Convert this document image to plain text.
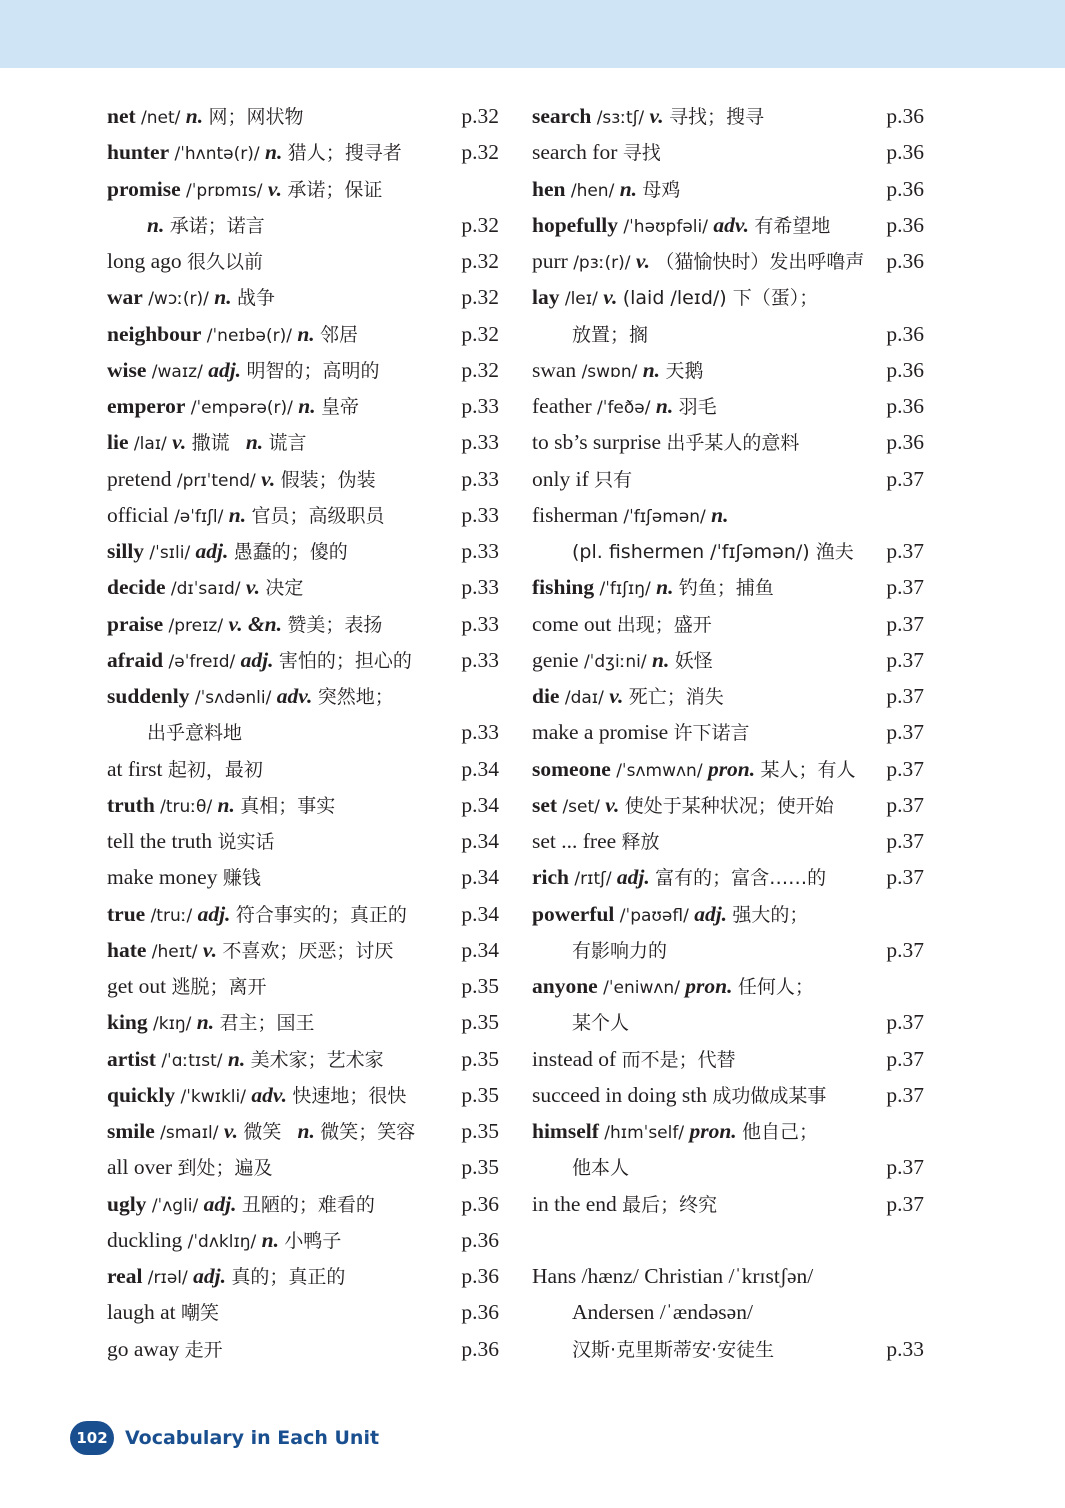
net /net/ n. 网；网状物	p.32
hunter /ˈhʌntə(r)/ n. 猎人；搜寻者	p.32
promise /ˈprɒmɪs/ v. 承诺；保证
n. 承诺；诺言	p.32
long ago 很久以前	p.32
war /wɔː(r)/ n. 战争	p.32
neighbour /ˈneɪbə(r)/ n. 邻居	p.32
wise /waɪz/ adj. 明智的；高明的	p.32
emperor /ˈempərə(r)/ n. 皇帝	p.33
lie /laɪ/ v. 撒谎 n. 谎言	p.33
pretend /prɪˈtend/ v. 假装；伪装	p.33
official /əˈfɪʃl/ n. 官员；高级职员	p.33
silly /ˈsɪli/ adj. 愚蠢的；傻的	p.33
decide /dɪˈsaɪd/ v. 决定	p.33
praise /preɪz/ v. &n. 赞美；表扬	p.33
afraid /əˈfreɪd/ adj. 害怕的；担心的	p.33
suddenly /ˈsʌdənli/ adv. 突然地；
出乎意料地	p.33
at first 起初，最初	p.34
truth /truːθ/ n. 真相；事实	p.34
tell the truth 说实话	p.34
make money 赚钱	p.34
true /truː/ adj. 符合事实的；真正的	p.34
hate /heɪt/ v. 不喜欢；厌恶；讨厌	p.34
get out 逃脱；离开	p.35
king /kɪŋ/ n. 君主；国王	p.35
artist /ˈɑːtɪst/ n. 美术家；艺术家	p.35
quickly /ˈkwɪkli/ adv. 快速地；很快	p.35
smile /smaɪl/ v. 微笑 n. 微笑；笑容	p.35
all over 到处；遍及	p.35
ugly /ˈʌgli/ adj. 丑陋的；难看的	p.36
duckling /ˈdʌklɪŋ/ n. 小鸭子	p.36
real /rɪəl/ adj. 真的；真正的	p.36
laugh at 嘲笑	p.36
go away 走开	p.36
search /sɜːtʃ/ v. 寻找；搜寻	p.36
search for 寻找	p.36
hen /hen/ n. 母鸡	p.36
hopefully /ˈhəʊpfəli/ adv. 有希望地	p.36
purr /pɜː(r)/ v. （猫愉快时）发出呼噜声	p.36
lay /leɪ/ v. (laid /leɪd/) 下（蛋）；
放置；搁	p.36
swan /swɒn/ n. 天鹅	p.36
feather /ˈfeðə/ n. 羽毛	p.36
to sb’s surprise 出乎某人的意料	p.36
only if 只有	p.37
fisherman /ˈfɪʃəmən/ n.
(pl. fishermen /ˈfɪʃəmən/) 渔夫	p.37
fishing /ˈfɪʃɪŋ/ n. 钓鱼；捕鱼	p.37
come out 出现；盛开	p.37
genie /ˈdʒiːni/ n. 妖怪	p.37
die /daɪ/ v. 死亡；消失	p.37
make a promise 许下诺言	p.37
someone /ˈsʌmwʌn/ pron. 某人；有人	p.37
set /set/ v. 使处于某种状况；使开始	p.37
set ... free 释放	p.37
rich /rɪtʃ/ adj. 富有的；富含……的	p.37
powerful /ˈpaʊəfl/ adj. 强大的；
有影响力的	p.37
anyone /ˈeniwʌn/ pron. 任何人；
某个人	p.37
instead of 而不是；代替	p.37
succeed in doing sth 成功做成某事	p.37
himself /hɪmˈself/ pron. 他自己；
他本人	p.37
in the end 最后；终究	p.37
Hans /hænz/ Christian /ˈkrɪstʃən/
Andersen /ˈændəsən/
汉斯·克里斯蒂安·安徒生	p.33
102 Vocabulary in Each Unit
